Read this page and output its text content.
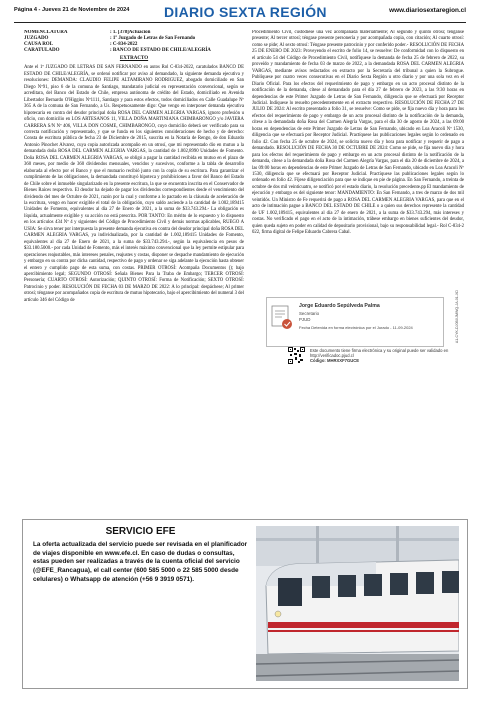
Página 4 - Jueves 21 de Noviembre de 2024 DIARIO SEXTA REGIÓN	www.diariosextaregion.cl
NOMENCLATURA	: 1. [378]Actuación
JUZGADO	: 1º Juzgado de Letras de San Fernando
CAUSA ROL	: C-834-2022
CARATULADO	: BANCO DE ESTADO DE CHILE/ALEGRÍA
EXTRACTO

Ante el 1º JUZGADO DE LETRAS DE SAN FERNANDO en autos Rol C-834-2022, caratulados BANCO DE ESTADO DE CHILE/ALEGRÍA, se ordenó notificar por aviso al demandado, la siguiente demanda ejecutiva y resoluciones: DEMANDA: CLAUDIO FELIPE ALTAMIRANO RODRIGUEZ, abogado domiciliado en San Diego Nº91, piso 6 de la comuna de Santiago, mandatario judicial en representación convencional, según se acreditara, del Banco del Estado de Chile, empresa autónoma de crédito del Estado, domiciliado en Avenida Libertador Bernardo O'Higgins Nº1111, Santiago y para estos efectos, todos domiciliados en Calle Guadalupe Nº 365 A de la comuna de San Fernando, a Us. Respetuosamente digo: Que vengo en interponer demanda ejecutiva hipotecaria en contra del deudor principal doña ROSA DEL CARMEN ALEGRIA VARGAS, ignoro profesión u oficio, con domicilio en LOS ARTESANOS 11, VILLA DOÑA MARTINIANA CHIMBARONGO y/o JAVIERA CARRERA S/N Nº 406, VILLA DON COSME, CHIMBARONGO, cuyo domicilio deberá ser verificado para su correcta notificación y representado, y que se funda en los siguientes consideraciones de hecho y de derecho: Consta de escritura pública de fecha 23 de Diciembre de 2015, suscrita en la Notaría de Rengo, de don Eduardo Antonio Pinochet Alvarez, cuya copia autorizada acompaño en un otrosí, que mi representado dio en mutuo a la demandada doña ROSA DEL CARMEN ALEGRIA VARGAS, la cantidad de 1.002,8990 Unidades de Fomento. Doña ROSA DEL CARMEN ALEGRIA VARGAS, se obligó a pagar la cantidad recibida en mutuo en el plazo de 360 meses, por medio de 360 dividendos mensuales, vencidos y sucesivos, conforme a la tabla de desarrollo elaborada al efecto por el Banco y que el mutuario recibió junto con la copia de su escritura. Para garantizar el cumplimiento de las obligaciones, la demandada constituyó hipoteca y prohibiciones a favor del Banco del Estado de Chile sobre el inmueble singularizado en la presente escritura, la que se encuentra inscrita en el Conservador de Bienes Raíces respectivo. El deudor ha dejado de pagar los dividendos correspondientes desde el vencimiento del dividendo del mes de Octubre de 2021, razón por la cual y conforme a lo pactado en la cláusula de aceleración de la escritura, vengo en hacer exigible el total de la obligación, cuyo saldo asciende a la cantidad de 1.002,189415 Unidades de Fomento, equivalentes al día 27 de Enero de 2021, a la suma de $33.743.294.- La obligación es líquida, actualmente exigible y su acción no está prescrita. POR TANTO: En mérito de lo expuesto y lo dispuesto en los artículos 434 Nº 4 y siguientes del Código de Procedimiento Civil y demás normas aplicables, RUEGO A USIA: Se sirva tener por interpuesta la presente demanda ejecutiva en contra del deudor principal doña ROSA DEL CARMEN ALEGRIA VARGAS, ya individualizada, por la cantidad de 1.002,189415 Unidades de Fomento, equivalentes al día 27 de Enero de 2021, a la suma de $33.743.294.-, según la equivalencia en pesos de $33.180.5000.- por cada Unidad de Fomento, más el interés máximo convencional que la ley permite estipular para operaciones reajustables, más intereses penales, reajustes y costas, disponer se despache mandamiento de ejecución y embargo en su contra por dicha cantidad, respectivo de pago y ordenar se siga adelante la ejecución hasta obtener el entero y cumplido pago de esta suma, con costas. PRIMER OTROSÍ: Acompaña Documentos (); bajo apercibimiento legal; SEGUNDO OTROSÍ: Señala Bienes Para la Traba de Embargo; TERCER OTROSÍ: Personería; CUARTO OTROSÍ: Autorización; QUINTO OTROSÍ: Forma de Notificación; SEXTO OTROSÍ: Patrocinio y poder. RESOLUCIÓN DE FECHA 03 DE MARZO DE 2022: A lo principal: despáchese; Al primer otrosí; ténganse por acompañados copia de escritura de mutuo hipotecario, bajo el apercibimiento del numeral 3 del artículo 346 del Código de

Procedimiento Civil, custódiese una vez acompañada materialmente; Al segundo y quinto otrosí; ténganse presente; Al tercer otrosí; téngase presente personería y por acompañada copia, con citación; Al cuarto otrosí: como se pide; Al sexto otrosí: Téngase presente patrocinio y por conferido poder.- RESOLUCIÓN DE FECHA 25 DE ENERO DE 2023: Proveyendo el escrito de folio 14, se resuelve: De conformidad con lo dispuesto en el artículo 54 del Código de Procedimiento Civil, notifíquese la demanda de fecha 25 de febrero de 2022, su proveído y mandamiento de fecha 03 de marzo de 2022, a la demandada ROSA DEL CARMEN ALEGRIA VARGAS, mediante avisos redactados en extracto por la Secretaría del tribunal a quien la Subrogue. Publíquese por cuatro veces consecutivas en el Diario Sexta Región u otro diario y por una sola vez en el Diario Oficial. Para los efectos del requerimiento de pago y embargo en un acto procesal distinto de la notificación de la demanda, cítese al demandado para el día 27 de febrero de 2023, a las 9:30 horas en dependencias de este Primer Juzgado de Letras de San Fernando, diligencia que se efectuará por Receptor Judicial. Indíquese lo resuelto precedentemente en el extracto respectivo. RESOLUCIÓN DE FECHA 27 DE JULIO DE 2024: Al escrito presentado a folio 31, se resuelve: Como se pide, se fija nuevo día y hora para los efectos del requerimiento de pago y embargo de un acto procesal distinto de la notificación de la demanda, cítese a la demandada doña Rosa del Carmen Alegría Vargas, para el día 30 de agosto de 2024, a las 09:00 horas en dependencias de este Primer Juzgado de Letras de San Fernando, ubicado en Loa Aracoli Nº 1530, diligencia que se efectuará por Receptor Judicial. Practíquese las publicaciones legales según lo ordenado en folio 42. Con fecha 25 de octubre de 2024, se solicita nuevo día y hora para notificar y requerir de pago a demandado. RESOLUCIÓN DE FECHA 30 DE OCTUBRE DE 2024: Como se pide, se fija nuevo día y hora para los efectos del requerimiento de pago y embargo en un acto procesal distinto de la notificación de la demanda, cítese a la demandada doña Rosa del Carmen Alegría Vargas, para el día 20 de diciembre de 2024, a las 09:00 horas en dependencias de este Primer Juzgado de Letras de San Fernando, ubicado en Loa Aracoli Nº 1530, diligencia que se efectuará por Receptor Judicial. Practíquese las publicaciones legales según lo ordenado en folio 42. Fíjese diligenciación para que se indique en pie de página. En San Fernando, a treinta de octubre de dos mil veinticuatro, se notificó por el estado diario, la resolución precedente.pp El mandamiento de ejecución y embargo es del siguiente tenor: MANDAMIENTO: En San Fernando, a tres de marzo de dos mil veintidós. Un Ministro de Fe requerirá de pago a ROSA DEL CARMEN ALEGRIA VARGAS, para que en el acto de intimación pague a BANCO DEL ESTADO DE CHILE o a quien sus derechos represente la cantidad de UF 1.002,189415, equivalentes al día 27 de enero de 2021, a la suma de $33.743.294, más intereses y costas. No verificado el pago en el acto de la intimación, trábese embargo en bienes suficientes del deudor, quien queda sujeto en poder en calidad de depositario provisional, bajo su responsabilidad legal.- Rol C-834-2 022, firma digital de Felipe Eduardo Cabrera Cabal.

Jorge Eduardo Sepúlveda Palma
Secretario
PJUD
Fecha Detenida en forma electrónica por el Jurado - 11-09-2024
Este documento tiene firma electrónica y su original puede ser validado en http://verificadoc.pjud.cl
Código: MHRXXF7GUCE
A1-CYK-DJ0BXJMWQ-JA-01-XD
SERVICIO EFE
La oferta actualizada del servicio puede ser revisada en el planificador de viajes disponible en www.efe.cl. En caso de dudas o consultas, estas pueden ser realizadas a través de la cuenta oficial del servicio (@EFE_Rancagua), el call center (600 585 5000 o 22 585 5000 desde celulares) o Whatsapp de atención (+56 9 3919 0571).
